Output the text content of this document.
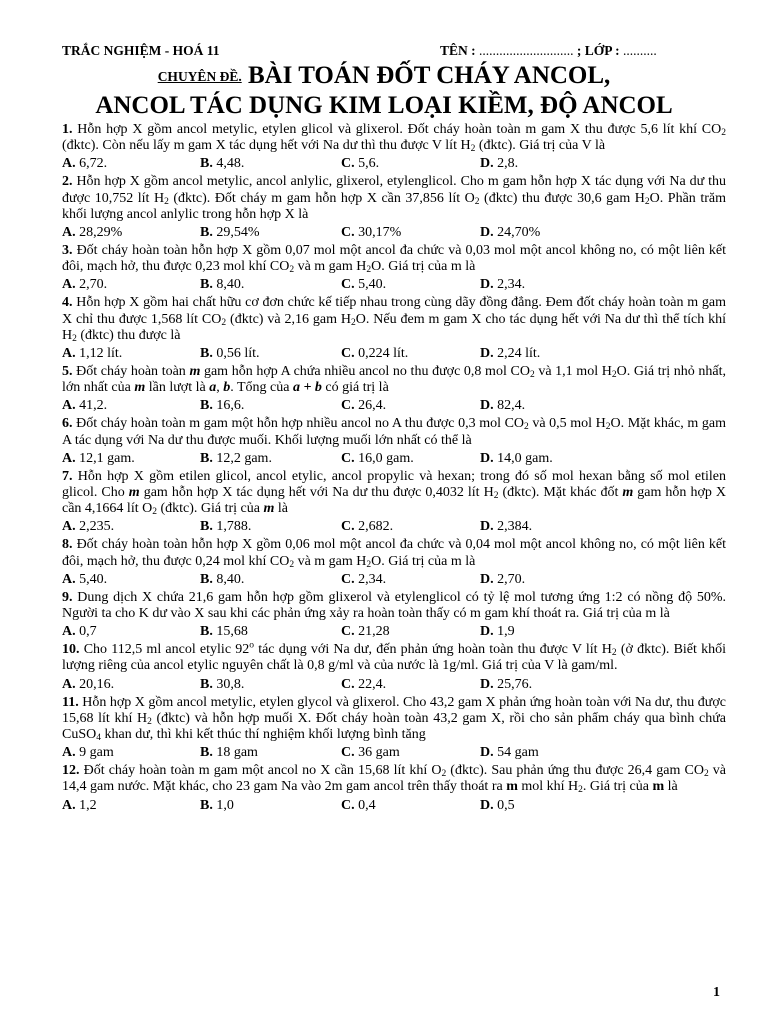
TRẮC NGHIỆM - HOÁ 11	TÊN : ............................ ; LỚP : ..........
CHUYÊN ĐỀ. BÀI TOÁN ĐỐT CHÁY ANCOL,
ANCOL TÁC DỤNG KIM LOẠI KIỀM, ĐỘ ANCOL
1. Hỗn hợp X gồm ancol metylic, etylen glicol và glixerol. Đốt cháy hoàn toàn m gam X thu được 5,6 lít khí $CO_2$ (đktc). Còn nếu lấy m gam X tác dụng hết với Na dư thì thu được V lít $H_2$ (đktc). Giá trị của V là
A. 6,72.	B. 4,48.	C. 5,6.	D. 2,8.
2. Hỗn hợp X gồm ancol metylic, ancol anlylic, glixerol, etylenglicol. Cho m gam hỗn hợp X tác dụng với Na dư thu được 10,752 lít $H_2$ (đktc). Đốt cháy m gam hỗn hợp X cần 37,856 lít $O_2$ (đktc) thu được 30,6 gam $H_2O$. Phần trăm khối lượng ancol anlylic trong hỗn hợp X là
A. 28,29%	B. 29,54%	C. 30,17%	D. 24,70%
3. Đốt cháy hoàn toàn hỗn hợp X gồm 0,07 mol một ancol đa chức và 0,03 mol một ancol không no, có một liên kết đôi, mạch hở, thu được 0,23 mol khí $CO_2$ và m gam $H_2O$. Giá trị của m là
A. 2,70.	B. 8,40.	C. 5,40.	D. 2,34.
4. Hỗn hợp X gồm hai chất hữu cơ đơn chức kế tiếp nhau trong cùng dãy đồng đẳng. Đem đốt cháy hoàn toàn m gam X chỉ thu được 1,568 lít $CO_2$ (đktc) và 2,16 gam $H_2O$. Nếu đem m gam X cho tác dụng hết với Na dư thì thể tích khí $H_2$ (đktc) thu được là
A. 1,12 lít.	B. 0,56 lít.	C. 0,224 lít.	D. 2,24 lít.
5. Đốt cháy hoàn toàn m gam hỗn hợp A chứa nhiều ancol no thu được 0,8 mol $CO_2$ và 1,1 mol $H_2O$. Giá trị nhỏ nhất, lớn nhất của m lần lượt là a, b. Tổng của a + b có giá trị là
A. 41,2.	B. 16,6.	C. 26,4.	D. 82,4.
6. Đốt cháy hoàn toàn m gam một hỗn hợp nhiều ancol no A thu được 0,3 mol $CO_2$ và 0,5 mol $H_2O$. Mặt khác, m gam A tác dụng với Na dư thu được muối. Khối lượng muối lớn nhất có thể là
A. 12,1 gam.	B. 12,2 gam.	C. 16,0 gam.	D. 14,0 gam.
7. Hỗn hợp X gồm etilen glicol, ancol etylic, ancol propylic và hexan; trong đó số mol hexan bằng số mol etilen glicol. Cho m gam hỗn hợp X tác dụng hết với Na dư thu được 0,4032 lít $H_2$ (đktc). Mặt khác đốt m gam hỗn hợp X cần 4,1664 lít $O_2$ (đktc). Giá trị của m là
A. 2,235.	B. 1,788.	C. 2,682.	D. 2,384.
8. Đốt cháy hoàn toàn hỗn hợp X gồm 0,06 mol một ancol đa chức và 0,04 mol một ancol không no, có một liên kết đôi, mạch hở, thu được 0,24 mol khí $CO_2$ và m gam $H_2O$. Giá trị của m là
A. 5,40.	B. 8,40.	C. 2,34.	D. 2,70.
9. Dung dịch X chứa 21,6 gam hỗn hợp gồm glixerol và etylenglicol có tỷ lệ mol tương ứng 1:2 có nồng độ 50%. Người ta cho K dư vào X sau khi các phản ứng xảy ra hoàn toàn thấy có m gam khí thoát ra. Giá trị của m là
A. 0,7	B. 15,68	C. 21,28	D. 1,9
10. Cho 112,5 ml ancol etylic 92$^o$ tác dụng với Na dư, đến phản ứng hoàn toàn thu được V lít $H_2$ (ở đktc). Biết khối lượng riêng của ancol etylic nguyên chất là 0,8 g/ml và của nước là 1g/ml. Giá trị của V là gam/ml.
A. 20,16.	B. 30,8.	C. 22,4.	D. 25,76.
11. Hỗn hợp X gồm ancol metylic, etylen glycol và glixerol. Cho 43,2 gam X phản ứng hoàn toàn với Na dư, thu được 15,68 lít khí $H_2$ (đktc) và hỗn hợp muối X. Đốt cháy hoàn toàn 43,2 gam X, rồi cho sản phẩm cháy qua bình chứa CuSO$_4$ khan dư, thì khi kết thúc thí nghiệm khối lượng bình tăng
A. 9 gam	B. 18 gam	C. 36 gam	D. 54 gam
12. Đốt cháy hoàn toàn m gam một ancol no X cần 15,68 lít khí $O_2$ (đktc). Sau phản ứng thu được 26,4 gam $CO_2$ và 14,4 gam nước. Mặt khác, cho 23 gam Na vào 2m gam ancol trên thấy thoát ra m mol khí $H_2$. Giá trị của m là
A. 1,2	B. 1,0	C. 0,4	D. 0,5
1
